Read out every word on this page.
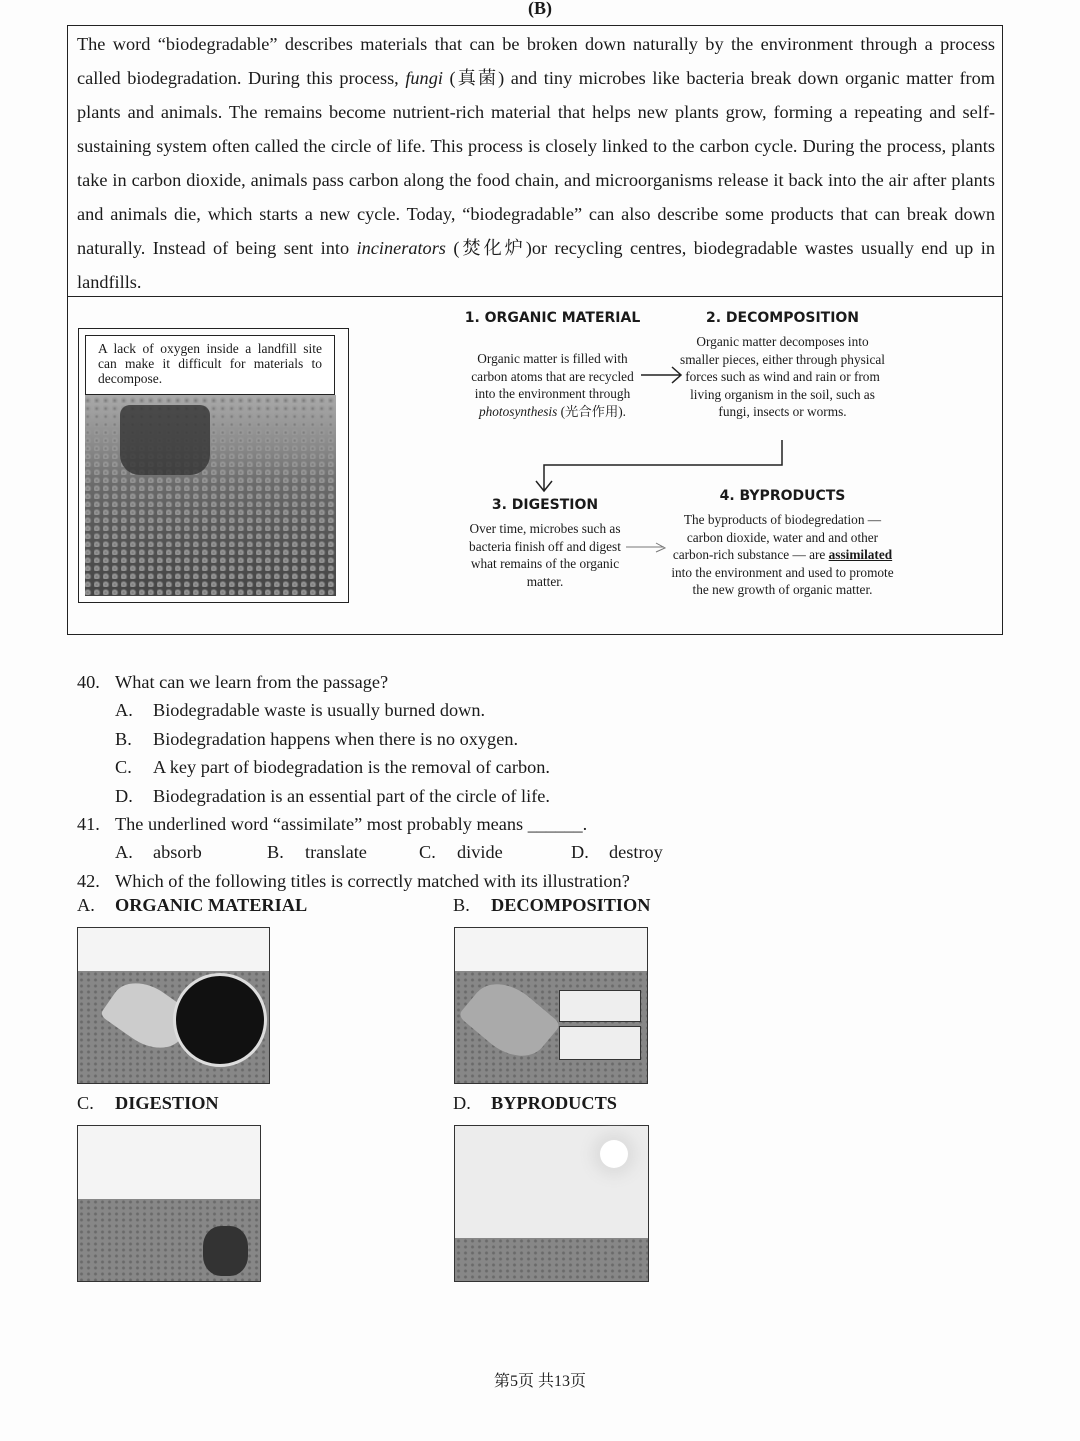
(B)
The word “biodegradable” describes materials that can be broken down naturally by the environment through a process called biodegradation. During this process, fungi (真菌) and tiny microbes like bacteria break down organic matter from plants and animals. The remains become nutrient-rich material that helps new plants grow, forming a repeating and self-sustaining system often called the circle of life. This process is closely linked to the carbon cycle. During the process, plants take in carbon dioxide, animals pass carbon along the food chain, and microorganisms release it back into the air after plants and animals die, which starts a new cycle. Today, “biodegradable” can also describe some products that can break down naturally. Instead of being sent into incinerators (焚化炉)or recycling centres, biodegradable wastes usually end up in landfills.
A lack of oxygen inside a landfill site can make it difficult for materials to decompose.
1. ORGANIC MATERIAL
Organic matter is filled with carbon atoms that are recycled into the environment through photosynthesis (光合作用).
2. DECOMPOSITION
Organic matter decomposes into smaller pieces, either through physical forces such as wind and rain or from living organism in the soil, such as fungi, insects or worms.
3. DIGESTION
Over time, microbes such as bacteria finish off and digest what remains of the organic matter.
4. BYPRODUCTS
The byproducts of biodegredation — carbon dioxide, water and and other carbon-rich substance — are assimilated into the environment and used to promote the new growth of organic matter.
40. What can we learn from the passage?
A. Biodegradable waste is usually burned down.
B. Biodegradation happens when there is no oxygen.
C. A key part of biodegradation is the removal of carbon.
D. Biodegradation is an essential part of the circle of life.
41. The underlined word “assimilate” most probably means ______.
A. absorb	B. translate	C. divide	D. destroy
42. Which of the following titles is correctly matched with its illustration?
A. ORGANIC MATERIAL	B. DECOMPOSITION
C. DIGESTION	D. BYPRODUCTS
第5页 共13页
